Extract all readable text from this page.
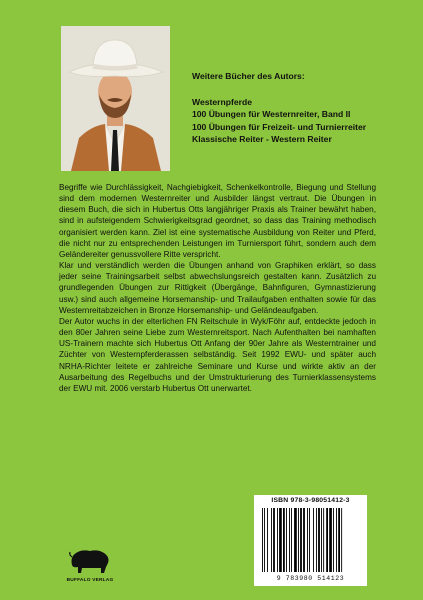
Weitere Bücher des Autors:
Westernpferde
100 Übungen für Westernreiter, Band II
100 Übungen für Freizeit- und Turnierreiter
Klassische Reiter - Western Reiter

Begriffe wie Durchlässigkeit, Nachgiebigkeit, Schenkelkontrolle, Biegung und Stellung sind dem modernen Westernreiter und Ausbilder längst vertraut. Die Übungen in diesem Buch, die sich in Hubertus Otts langjähriger Praxis als Trainer bewährt haben, sind in aufsteigendem Schwierigkeitsgrad geordnet, so dass das Training methodisch organisiert werden kann. Ziel ist eine systematische Ausbildung von Reiter und Pferd, die nicht nur zu entsprechenden Leistungen im Turniersport führt, sondern auch dem Geländereiter genussvollere Ritte verspricht.

Klar und verständlich werden die Übungen anhand von Graphiken erklärt, so dass jeder seine Trainingsarbeit selbst abwechslungsreich gestalten kann. Zusätzlich zu grundlegenden Übungen zur Rittigkeit (Übergänge, Bahnfiguren, Gymnastizierung usw.) sind auch allgemeine Horsemanship- und Trailaufgaben enthalten sowie für das Westernreitabzeichen in Bronze Horsemanship- und Geländeaufgaben.

Der Autor wuchs in der elterlichen FN Reitschule in Wyk/Föhr auf, entdeckte jedoch in den 80er Jahren seine Liebe zum Westernreitsport. Nach Aufenthalten bei namhaften US-Trainern machte sich Hubertus Ott Anfang der 90er Jahre als Westerntrainer und Züchter von Westernpferderassen selbständig. Seit 1992 EWU- und später auch NRHA-Richter leitete er zahlreiche Seminare und Kurse und wirkte aktiv an der Ausarbeitung des Regelbuchs und der Umstrukturierung des Turnierklassensystems der EWU mit. 2006 verstarb Hubertus Ott unerwartet.

ISBN 978-3-98051412-3
9 783980 514123
BUFFALO VERLAG
